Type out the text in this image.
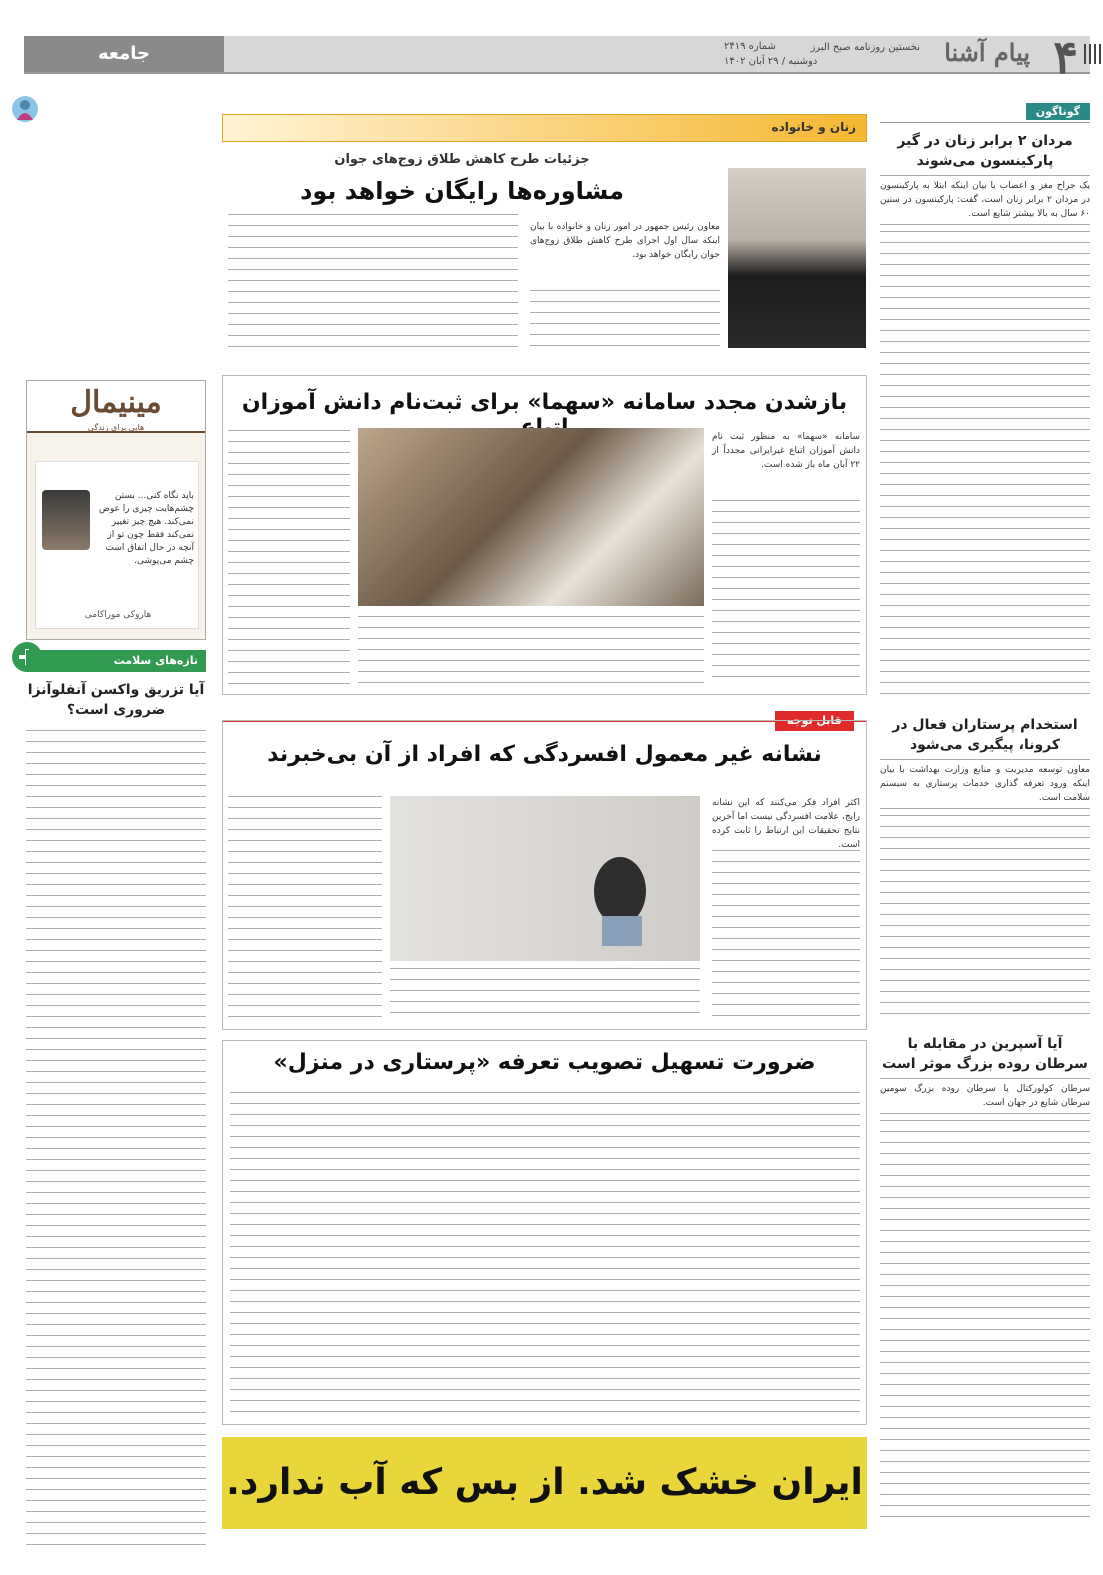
۴
پیام آشنا
نخستین روزنامه صبح البرز
شماره ۲۴۱۹
دوشنبه / ۲۹ آبان ۱۴۰۲
جامعه
گوناگون
مردان ۲ برابر زنان در گیر پارکینسون می‌شوند
یک جراح مغز و اعصاب با بیان اینکه ابتلا به پارکینسون در مردان ۲ برابر زنان است، گفت: پارکینسون در سنین ۶۰ سال به بالا بیشتر شایع است.
استخدام پرستاران فعال در کرونا، پیگیری می‌شود
معاون توسعه مدیریت و منابع وزارت بهداشت با بیان اینکه ورود تعرفه گذاری خدمات پرستاری به سیستم سلامت است.
آیا آسپرین در مقابله با سرطان روده بزرگ موثر است
سرطان کولورکتال یا سرطان روده بزرگ سومین سرطان شایع در جهان است.
مینیمال
هایی برای زندگی
باید نگاه کنی... بستن چشم‌هایت چیزی را عوض نمی‌کند. هیچ چیز تغییر نمی‌کند فقط چون تو از آنچه در حال اتفاق است چشم می‌پوشی.
هاروکی موراکامی
تازه‌های سلامت
آیا تزریق واکسن آنفلوآنزا ضروری است؟
زنان و خانواده
جزئیات طرح کاهش طلاق زوج‌های جوان
مشاوره‌ها رایگان خواهد بود
معاون رئیس جمهور در امور زنان و خانواده با بیان اینکه سال اول اجرای طرح کاهش طلاق زوج‌های جوان رایگان خواهد بود.
بازشدن مجدد سامانه «سهما» برای ثبت‌نام دانش آموزان
سامانه «سهما» به منظور ثبت نام دانش آموزان اتباع غیرایرانی مجدداً از ۲۲ آبان ماه باز شده است.
قابل توجه
نشانه غیر معمول افسردگی که افراد از آن بی‌خبرند
اکثر افراد فکر می‌کنند که این نشانه رایج، علامت افسردگی نیست اما آخرین نتایج تحقیقات این ارتباط را ثابت کرده است.
ضرورت تسهیل تصویب تعرفه «پرستاری در منزل»
ایران خشک شد. از بس که آب ندارد.
